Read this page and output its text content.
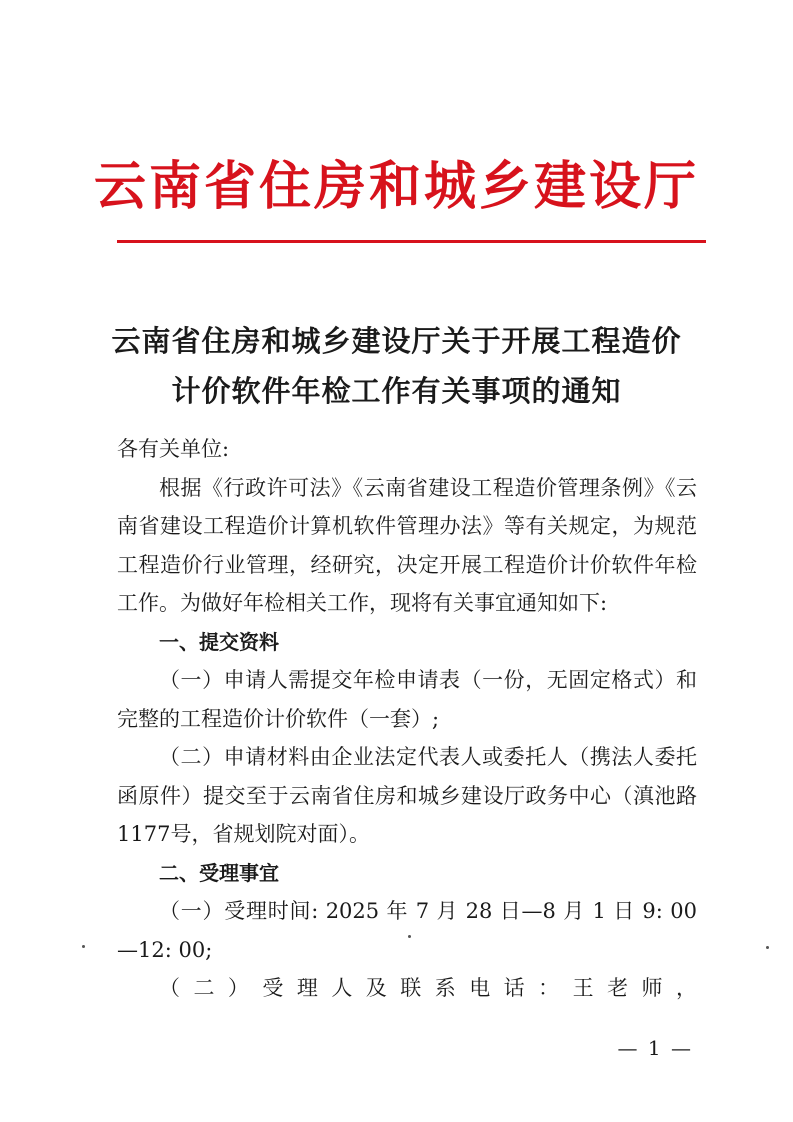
云南省住房和城乡建设厅
云南省住房和城乡建设厅关于开展工程造价
计价软件年检工作有关事项的通知

各有关单位:

根据《行政许可法》《云南省建设工程造价管理条例》《云南省建设工程造价计算机软件管理办法》等有关规定，为规范工程造价行业管理，经研究，决定开展工程造价计价软件年检工作。为做好年检相关工作，现将有关事宜通知如下:

一、提交资料

（一）申请人需提交年检申请表（一份，无固定格式）和完整的工程造价计价软件（一套）;

（二）申请材料由企业法定代表人或委托人（携法人委托函原件）提交至于云南省住房和城乡建设厅政务中心（滇池路1177号，省规划院对面）。

二、受理事宜

（一）受理时间: 2025 年 7 月 28 日—8 月 1 日 9: 00—12: 00;

（二）受理人及联系电话：王老师，

— 1 —
